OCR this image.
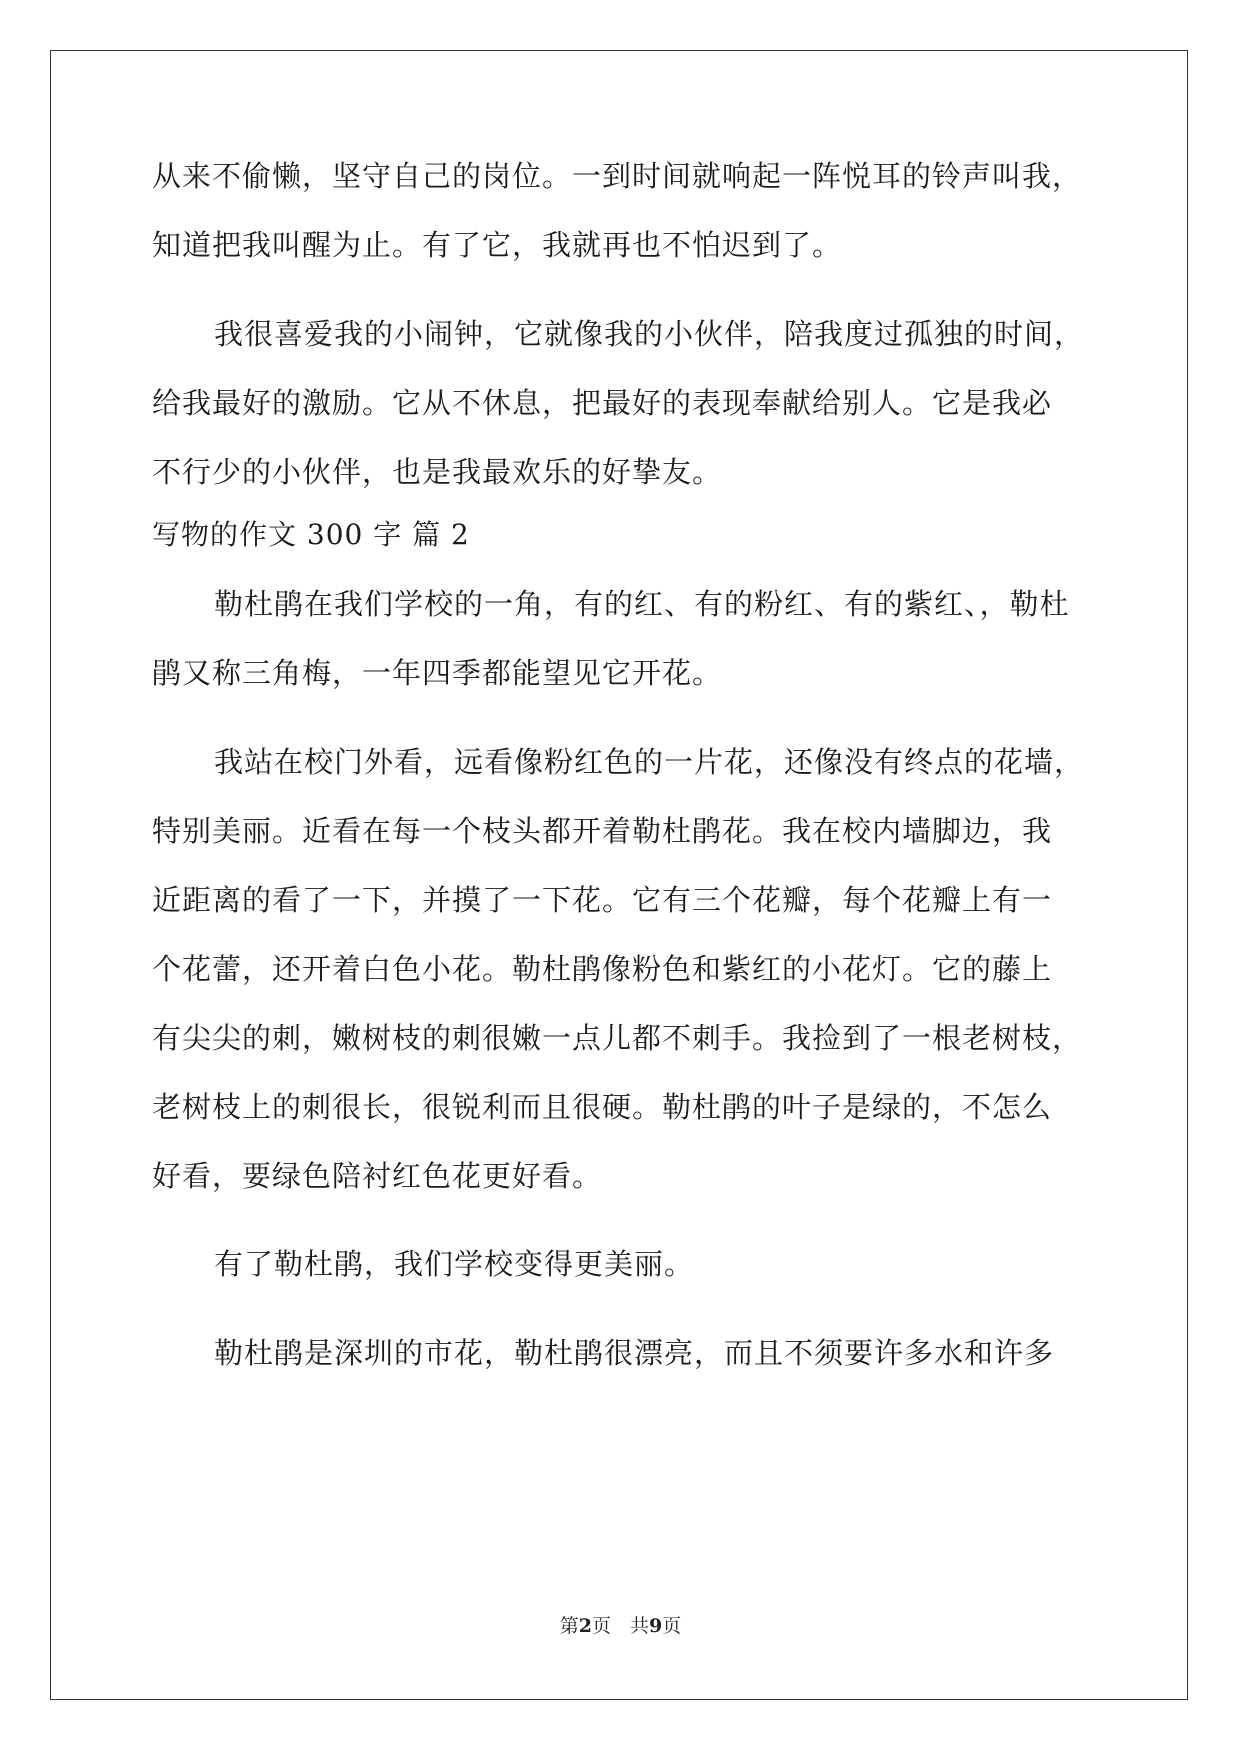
从来不偷懒，坚守自己的岗位。一到时间就响起一阵悦耳的铃声叫我，
知道把我叫醒为止。有了它，我就再也不怕迟到了。
我很喜爱我的小闹钟，它就像我的小伙伴，陪我度过孤独的时间，
给我最好的激励。它从不休息，把最好的表现奉献给别人。它是我必
不行少的小伙伴，也是我最欢乐的好挚友。
写物的作文 300 字 篇 2
勒杜鹃在我们学校的一角，有的红、有的粉红、有的紫红、，勒杜
鹃又称三角梅，一年四季都能望见它开花。
我站在校门外看，远看像粉红色的一片花，还像没有终点的花墙，
特别美丽。近看在每一个枝头都开着勒杜鹃花。我在校内墙脚边，我
近距离的看了一下，并摸了一下花。它有三个花瓣，每个花瓣上有一
个花蕾，还开着白色小花。勒杜鹃像粉色和紫红的小花灯。它的藤上
有尖尖的刺，嫩树枝的刺很嫩一点儿都不刺手。我捡到了一根老树枝，
老树枝上的刺很长，很锐利而且很硬。勒杜鹃的叶子是绿的，不怎么
好看，要绿色陪衬红色花更好看。
有了勒杜鹃，我们学校变得更美丽。
勒杜鹃是深圳的市花，勒杜鹃很漂亮，而且不须要许多水和许多
第2页　共9页
